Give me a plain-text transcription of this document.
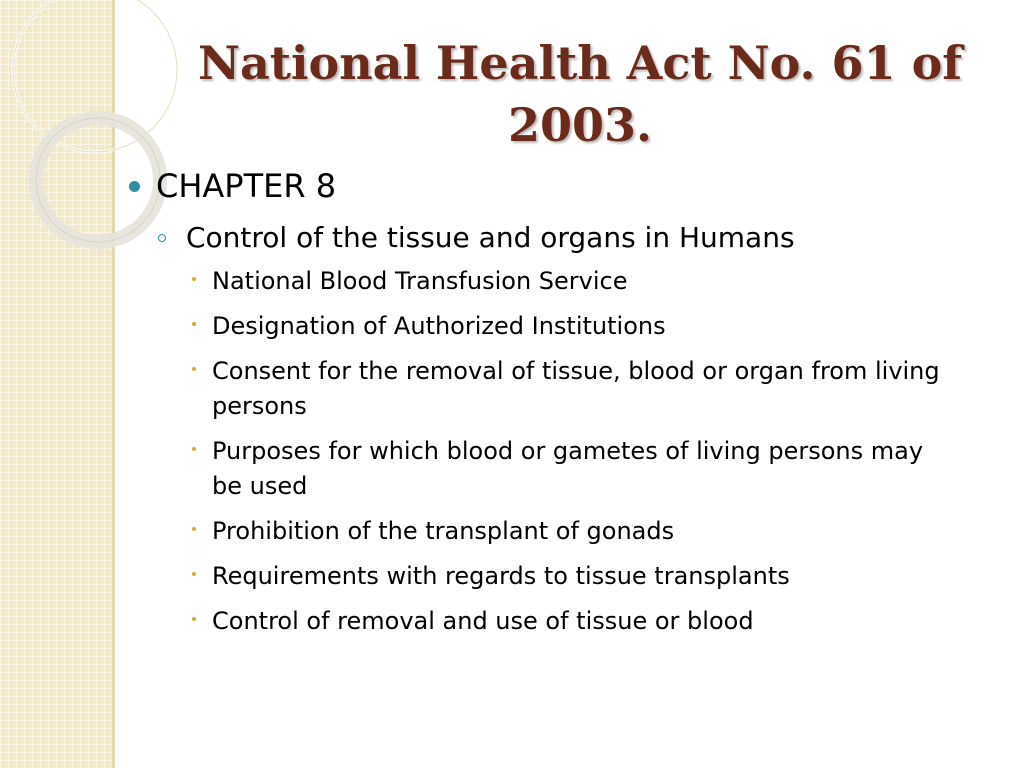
National Health Act No. 61 of
2003.
CHAPTER 8
Control of the tissue and organs in Humans
National Blood Transfusion Service
Designation of Authorized Institutions
Consent for the removal of tissue, blood or organ from living persons
Purposes for which blood or gametes of living persons may be used
Prohibition of the transplant of gonads
Requirements with regards to tissue transplants
Control of removal and use of tissue or blood
